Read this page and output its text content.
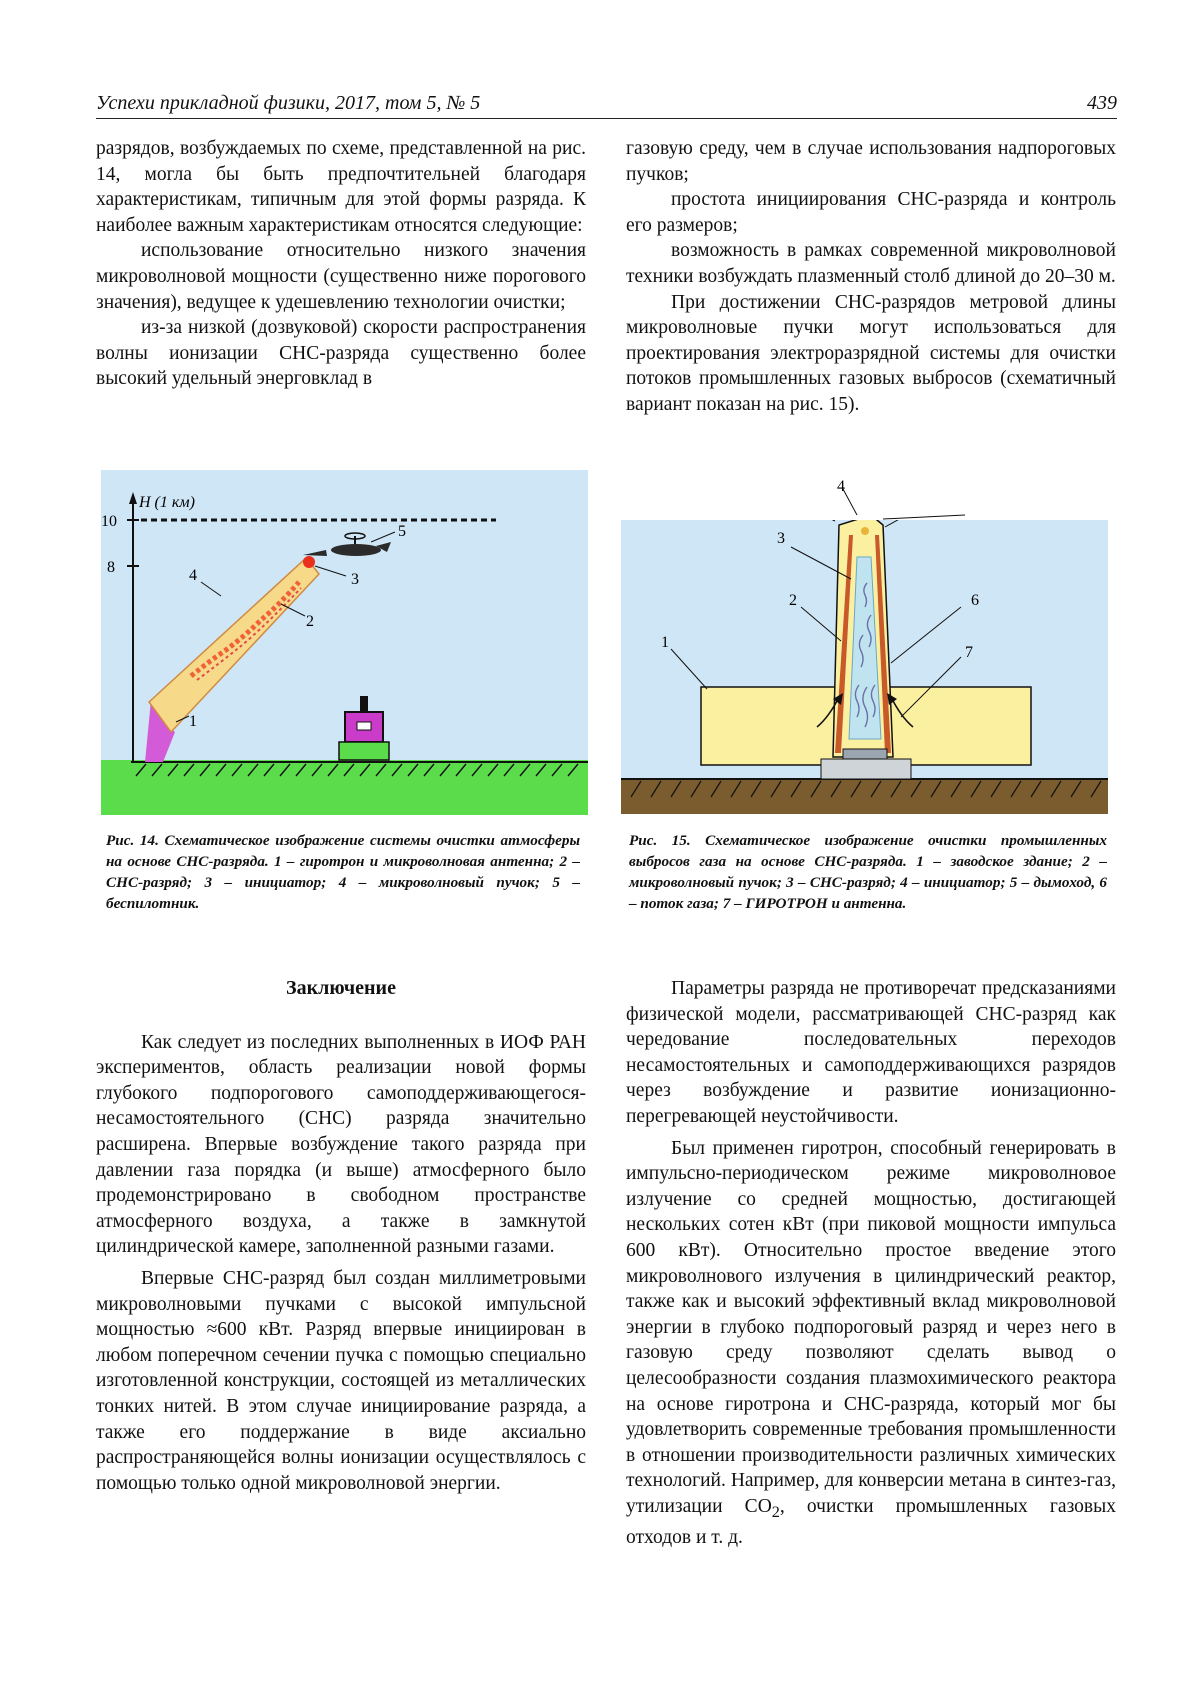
Успехи прикладной физики, 2017, том 5, № 5	439

разрядов, возбуждаемых по схеме, представленной на рис. 14, могла бы быть предпочтительней благодаря характеристикам, типичным для этой формы разряда. К наиболее важным характеристикам относятся следующие:

использование относительно низкого значения микроволновой мощности (существенно ниже порогового значения), ведущее к удешевлению технологии очистки;

из-за низкой (дозвуковой) скорости распространения волны ионизации СНС-разряда существенно более высокий удельный энерговклад в

газовую среду, чем в случае использования надпороговых пучков;

простота инициирования СНС-разряда и контроль его размеров;

возможность в рамках современной микроволновой техники возбуждать плазменный столб длиной до 20–30 м.

При достижении СНС-разрядов метровой длины микроволновые пучки могут использоваться для проектирования электроразрядной системы для очистки потоков промышленных газовых выбросов (схематичный вариант показан на рис. 15).

H (1 км)
10
8
1
4
2
3
5
Рис. 14. Схематическое изображение системы очистки атмосферы на основе СНС-разряда. 1 – гиротрон и микроволновая антенна; 2 – СНС-разряд; 3 – инициатор; 4 – микроволновый пучок; 5 – беспилотник.
1
2
3
6
7
4
Рис. 15. Схематическое изображение очистки промышленных выбросов газа на основе СНС-разряда. 1 – заводское здание; 2 – микроволновый пучок; 3 – СНС-разряд; 4 – инициатор; 5 – дымоход, 6 – поток газа; 7 – ГИРОТРОН и антенна.

Заключение

Как следует из последних выполненных в ИОФ РАН экспериментов, область реализации новой формы глубокого подпорогового самоподдерживающегося-несамостоятельного (СНС) разряда значительно расширена. Впервые возбуждение такого разряда при давлении газа порядка (и выше) атмосферного было продемонстрировано в свободном пространстве атмосферного воздуха, а также в замкнутой цилиндрической камере, заполненной разными газами.

Впервые СНС-разряд был создан миллиметровыми микроволновыми пучками с высокой импульсной мощностью ≈600 кВт. Разряд впервые инициирован в любом поперечном сечении пучка с помощью специально изготовленной конструкции, состоящей из металлических тонких нитей. В этом случае инициирование разряда, а также его поддержание в виде аксиально распространяющейся волны ионизации осуществлялось с помощью только одной микроволновой энергии.

Параметры разряда не противоречат предсказаниями физической модели, рассматривающей СНС-разряд как чередование последовательных переходов несамостоятельных и самоподдерживающихся разрядов через возбуждение и развитие ионизационно-перегревающей неустойчивости.

Был применен гиротрон, способный генерировать в импульсно-периодическом режиме микроволновое излучение со средней мощностью, достигающей нескольких сотен кВт (при пиковой мощности импульса 600 кВт). Относительно простое введение этого микроволнового излучения в цилиндрический реактор, также как и высокий эффективный вклад микроволновой энергии в глубоко подпороговый разряд и через него в газовую среду позволяют сделать вывод о целесообразности создания плазмохимического реактора на основе гиротрона и СНС-разряда, который мог бы удовлетворить современные требования промышленности в отношении производительности различных химических технологий. Например, для конверсии метана в синтез-газ, утилизации $CO_2$, очистки промышленных газовых отходов и т. д.
